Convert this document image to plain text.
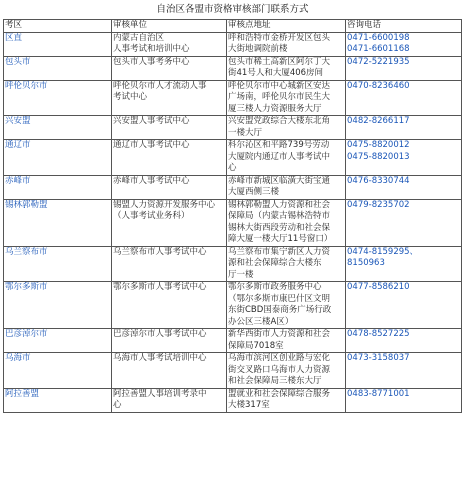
自治区各盟市资格审核部门联系方式
考区	审核单位	审核点地址	咨询电话

区直	内蒙古自治区
人事考试和培训中心	呼和浩特市金桥开发区包头
大街地调院前楼	0471-6600198
0471-6601168

包头市	包头市人事考务中心	包头市稀土高新区阿尔丁大
街41号人和大厦406房间	0472-5221935

呼伦贝尔市	呼伦贝尔市人才流动人事
考试中心	呼伦贝尔市中心城新区安达
广场南，呼伦贝尔市民生大
厦三楼人力资源服务大厅	0470-8236460

兴安盟	兴安盟人事考试中心	兴安盟党政综合大楼东北角
一楼大厅	0482-8266117

通辽市	通辽市人事考试中心	科尔沁区和平路739号劳动
大厦院内通辽市人事考试中
心	0475-8820012
0475-8820013

赤峰市	赤峰市人事考试中心	赤峰市新城区临潢大街宝通
大厦西侧三楼	0476-8330744

锡林郭勒盟	锡盟人力资源开发服务中心
（人事考试业务科）	锡林郭勒盟人力资源和社会
保障局（内蒙古锡林浩特市
锡林大街西段劳动和社会保
障大厦一楼大厅11号窗口）	0479-8235702

乌兰察布市	乌兰察布市人事考试中心	乌兰察布市集宁新区人力资
源和社会保障综合大楼东
厅一楼	0474-8159295、
8150963

鄂尔多斯市	鄂尔多斯市人事考试中心	鄂尔多斯市政务服务中心
（鄂尔多斯市康巴什区文明
东街CBD国泰商务广场行政
办公区三楼A区）	0477-8586210

巴彦淖尔市	巴彦淖尔市人事考试中心	新华西街市人力资源和社会
保障局7018室	0478-8527225

乌海市	乌海市人事考试培训中心	乌海市滨河区创业路与宏化
街交叉路口乌海市人力资源
和社会保障局三楼东大厅	0473-3158037

阿拉善盟	阿拉善盟人事培训考录中
心	盟就业和社会保障综合服务
大楼317室	0483-8771001
